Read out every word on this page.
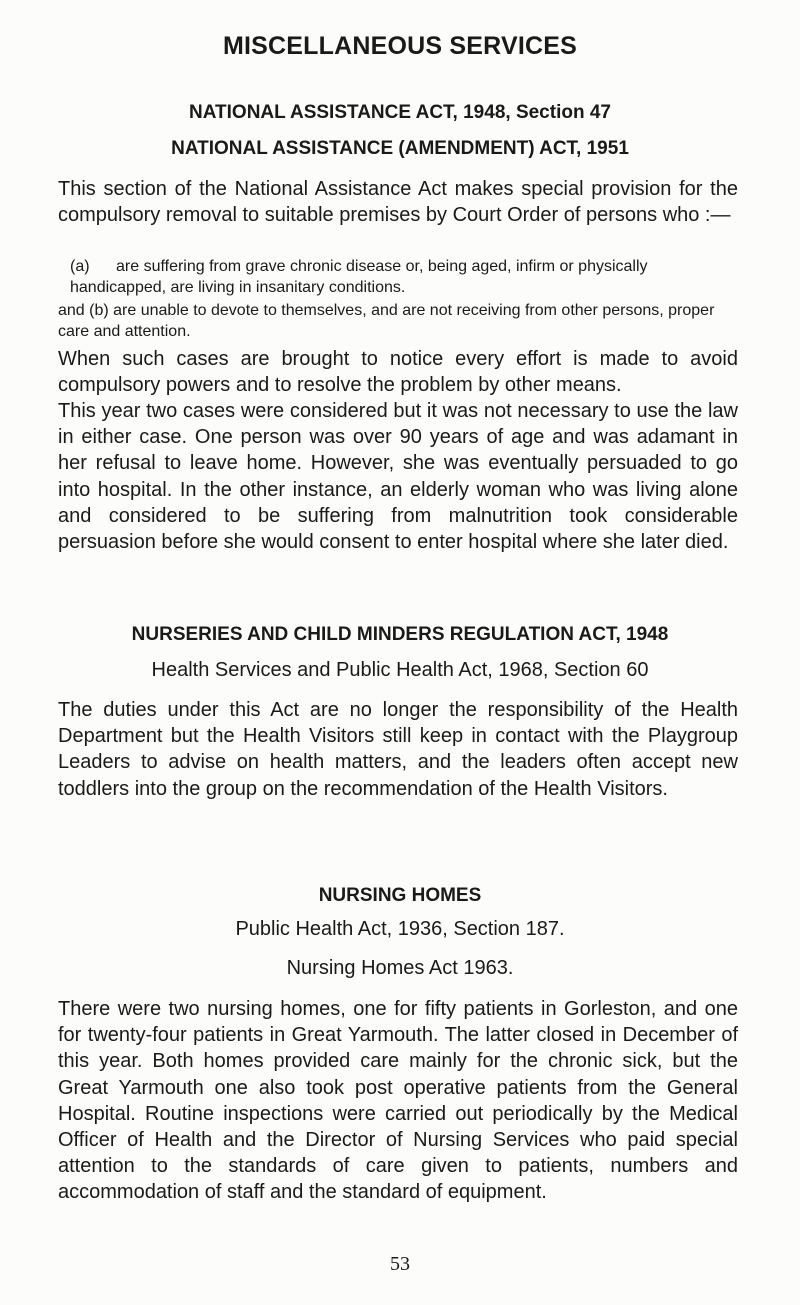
MISCELLANEOUS SERVICES
NATIONAL ASSISTANCE ACT, 1948, Section 47
NATIONAL ASSISTANCE (AMENDMENT) ACT, 1951

This section of the National Assistance Act makes special provision for the compulsory removal to suitable premises by Court Order of persons who :—

(a) are suffering from grave chronic disease or, being aged, infirm or physically handicapped, are living in insanitary conditions.
and (b) are unable to devote to themselves, and are not receiving from other persons, proper care and attention.

When such cases are brought to notice every effort is made to avoid compulsory powers and to resolve the problem by other means.

This year two cases were considered but it was not necessary to use the law in either case. One person was over 90 years of age and was adamant in her refusal to leave home. However, she was eventually persuaded to go into hospital. In the other instance, an elderly woman who was living alone and considered to be suffering from malnutrition took considerable persuasion before she would consent to enter hospital where she later died.

NURSERIES AND CHILD MINDERS REGULATION ACT, 1948
Health Services and Public Health Act, 1968, Section 60

The duties under this Act are no longer the responsibility of the Health Department but the Health Visitors still keep in contact with the Playgroup Leaders to advise on health matters, and the leaders often accept new toddlers into the group on the recommendation of the Health Visitors.

NURSING HOMES
Public Health Act, 1936, Section 187.
Nursing Homes Act 1963.

There were two nursing homes, one for fifty patients in Gorleston, and one for twenty-four patients in Great Yarmouth. The latter closed in December of this year. Both homes provided care mainly for the chronic sick, but the Great Yarmouth one also took post operative patients from the General Hospital. Routine inspections were carried out periodically by the Medical Officer of Health and the Director of Nursing Services who paid special attention to the standards of care given to patients, numbers and accommodation of staff and the standard of equipment.

53
